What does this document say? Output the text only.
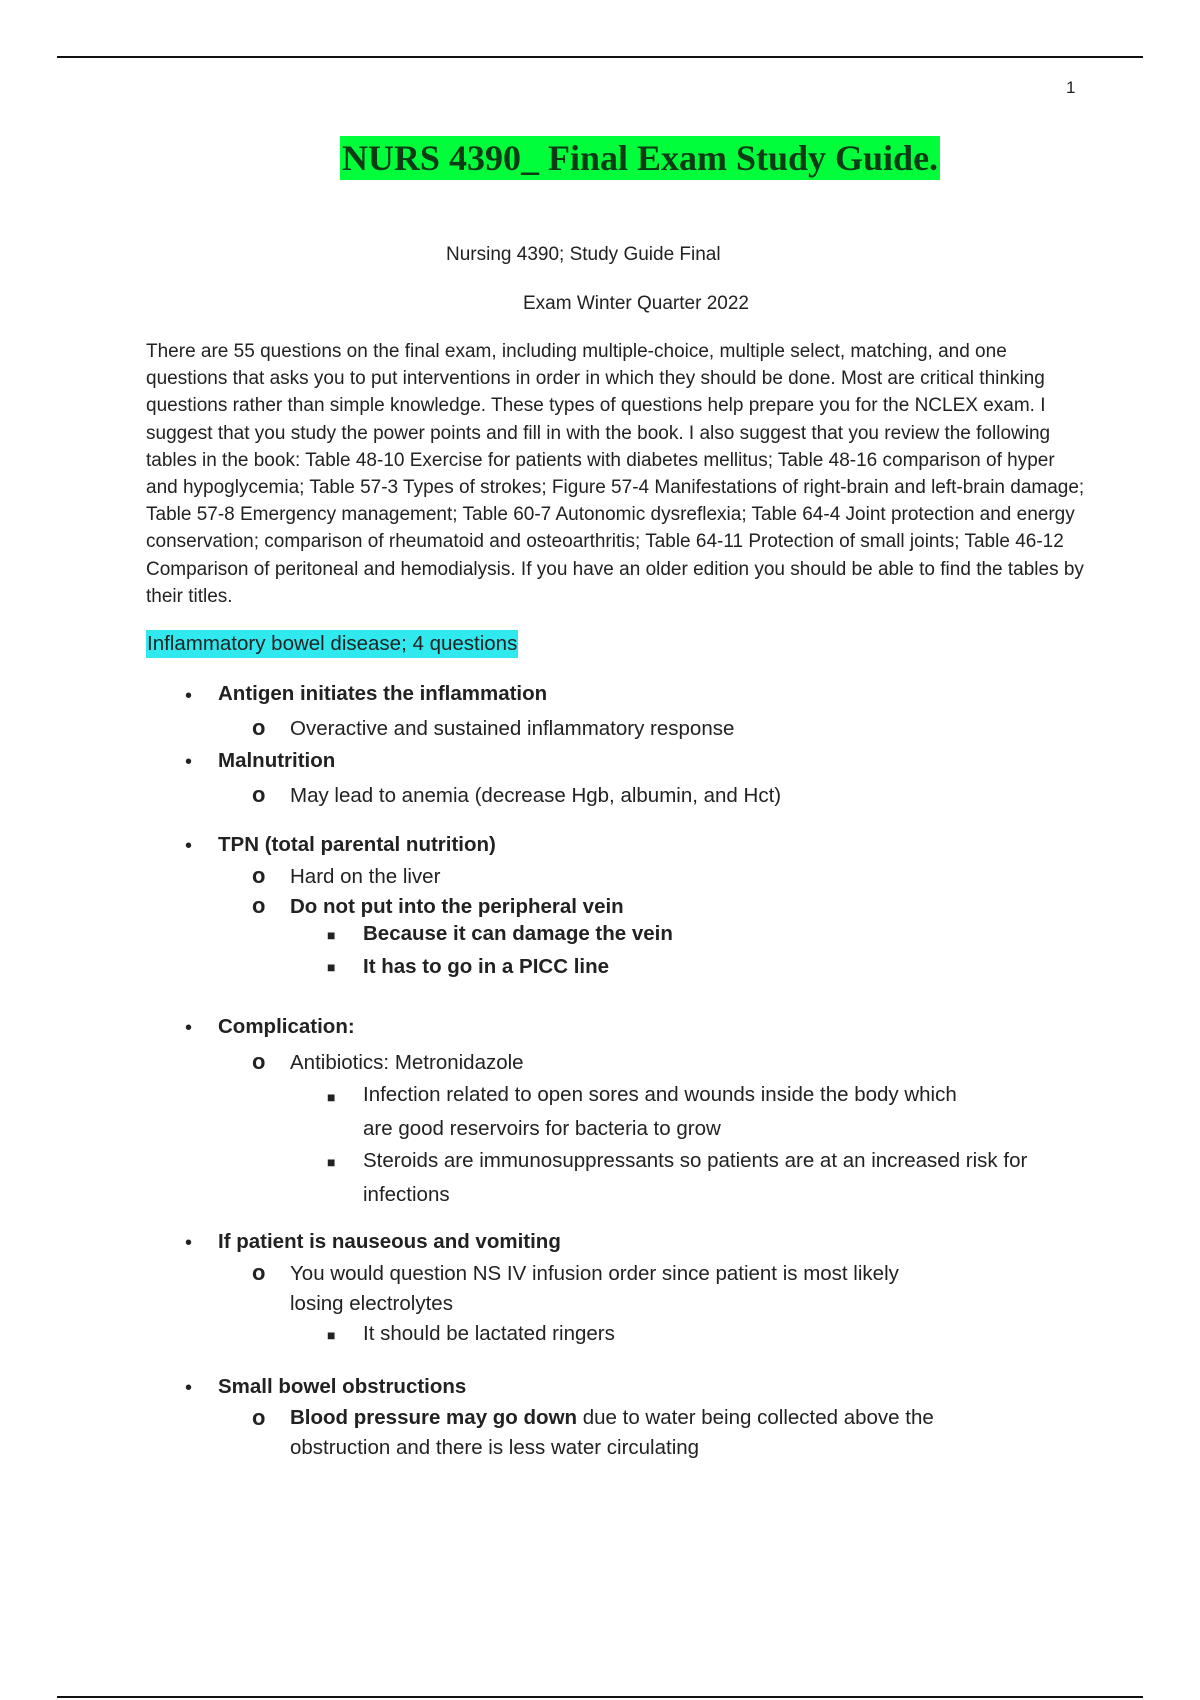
1
NURS 4390_ Final Exam Study Guide.
Nursing 4390; Study Guide Final
Exam Winter Quarter 2022
There are 55 questions on the final exam, including multiple-choice, multiple select, matching, and one questions that asks you to put interventions in order in which they should be done. Most are critical thinking questions rather than simple knowledge. These types of questions help prepare you for the NCLEX exam. I suggest that you study the power points and fill in with the book. I also suggest that you review the following tables in the book: Table 48-10 Exercise for patients with diabetes mellitus; Table 48-16 comparison of hyper and hypoglycemia; Table 57-3 Types of strokes; Figure 57-4 Manifestations of right-brain and left-brain damage; Table 57-8 Emergency management; Table 60-7 Autonomic dysreflexia; Table 64-4 Joint protection and energy conservation; comparison of rheumatoid and osteoarthritis; Table 64-11 Protection of small joints; Table 46-12 Comparison of peritoneal and hemodialysis. If you have an older edition you should be able to find the tables by their titles.
Inflammatory bowel disease; 4 questions
• Antigen initiates the inflammation
o Overactive and sustained inflammatory response
• Malnutrition
o May lead to anemia (decrease Hgb, albumin, and Hct)
• TPN (total parental nutrition)
o Hard on the liver
o Do not put into the peripheral vein
■ Because it can damage the vein
■ It has to go in a PICC line
• Complication:
o Antibiotics: Metronidazole
■ Infection related to open sores and wounds inside the body which
are good reservoirs for bacteria to grow
■ Steroids are immunosuppressants so patients are at an increased risk for
infections
• If patient is nauseous and vomiting
o You would question NS IV infusion order since patient is most likely
losing electrolytes
■ It should be lactated ringers
• Small bowel obstructions
o Blood pressure may go down due to water being collected above the
obstruction and there is less water circulating
